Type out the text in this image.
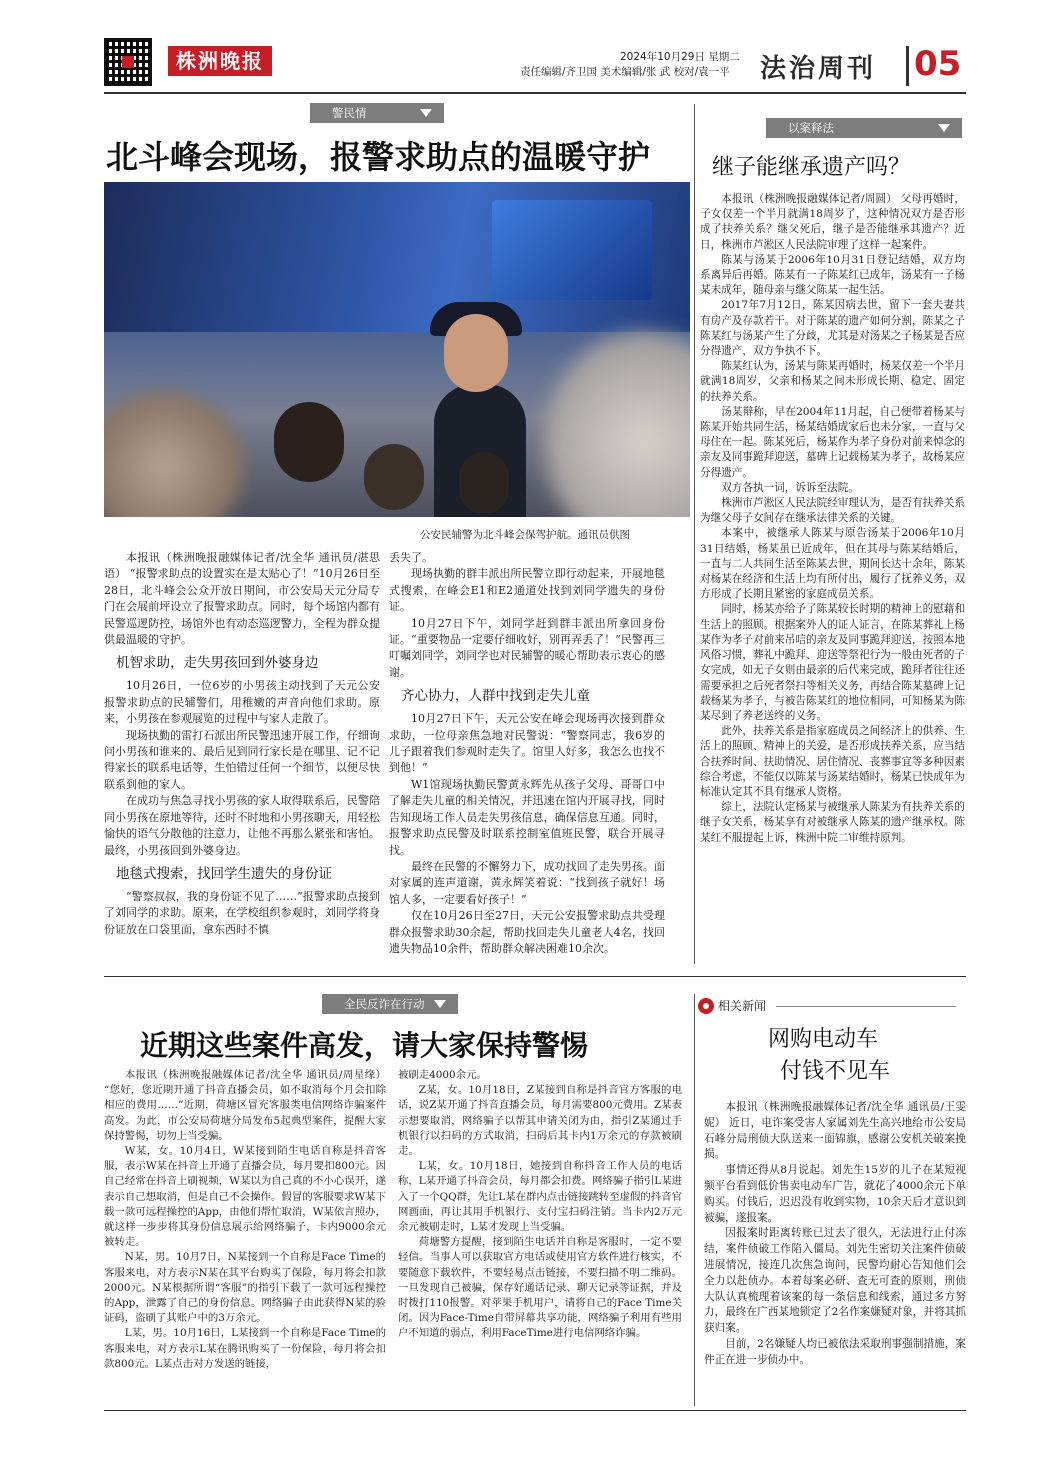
株洲晚报	2024年10月29日 星期二
责任编辑/齐卫国 美术编辑/张 武 校对/袁一平	法治周刊 05
警民情
北斗峰会现场，报警求助点的温暖守护
公安民辅警为北斗峰会保驾护航。通讯员供图

本报讯（株洲晚报融媒体记者/沈全华 通讯员/湛思语） “报警求助点的设置实在是太贴心了！”10月26日至28日，北斗峰会公众开放日期间，市公安局天元分局专门在会展前坪设立了报警求助点。同时，每个场馆内都有民警巡逻防控，场馆外也有动态巡逻警力，全程为群众提供最温暖的守护。

机智求助，走失男孩回到外婆身边

10月26日，一位6岁的小男孩主动找到了天元公安报警求助点的民辅警们，用稚嫩的声音向他们求助。原来，小男孩在参观展览的过程中与家人走散了。

现场执勤的雷打石派出所民警迅速开展工作，仔细询问小男孩和谁来的、最后见到同行家长是在哪里、记不记得家长的联系电话等，生怕错过任何一个细节，以便尽快联系到他的家人。

在成功与焦急寻找小男孩的家人取得联系后，民警陪同小男孩在原地等待，还时不时地和小男孩聊天，用轻松愉快的语气分散他的注意力，让他不再那么紧张和害怕。最终，小男孩回到外婆身边。

地毯式搜索，找回学生遗失的身份证

“警察叔叔，我的身份证不见了……”报警求助点接到了刘同学的求助。原来，在学校组织参观时，刘同学将身份证放在口袋里面，拿东西时不慎

丢失了。

现场执勤的群丰派出所民警立即行动起来，开展地毯式搜索，在峰会E1和E2通道处找到刘同学遗失的身份证。

10月27日下午，刘同学赶到群丰派出所拿回身份证。“重要物品一定要仔细收好，别再弄丢了！”民警再三叮嘱刘同学，刘同学也对民辅警的暖心帮助表示衷心的感谢。

齐心协力，人群中找到走失儿童

10月27日下午，天元公安在峰会现场再次接到群众求助，一位母亲焦急地对民警说：“警察同志，我6岁的儿子跟着我们参观时走失了。馆里人好多，我怎么也找不到他！”

W1馆现场执勤民警黄永辉先从孩子父母、哥哥口中了解走失儿童的相关情况，并迅速在馆内开展寻找，同时告知现场工作人员走失男孩信息，确保信息互通。同时，报警求助点民警及时联系控制室值班民警，联合开展寻找。

最终在民警的不懈努力下，成功找回了走失男孩。面对家属的连声道谢，黄永辉笑着说：“找到孩子就好！场馆人多，一定要看好孩子！”

仅在10月26日至27日，天元公安报警求助点共受理群众报警求助30余起，帮助找回走失儿童老人4名，找回遗失物品10余件，帮助群众解决困难10余次。

以案释法
继子能继承遗产吗？

本报讯（株洲晚报融媒体记者/周圆） 父母再婚时，子女仅差一个半月就满18周岁了，这种情况双方是否形成了扶养关系？继父死后，继子是否能继承其遗产？近日，株洲市芦淞区人民法院审理了这样一起案件。

陈某与汤某于2006年10月31日登记结婚，双方均系离异后再婚。陈某有一子陈某红已成年，汤某有一子杨某未成年，随母亲与继父陈某一起生活。

2017年7月12日，陈某因病去世，留下一套夫妻共有房产及存款若干。对于陈某的遗产如何分割，陈某之子陈某红与汤某产生了分歧，尤其是对汤某之子杨某是否应分得遗产，双方争执不下。

陈某红认为，汤某与陈某再婚时，杨某仅差一个半月就满18周岁，父亲和杨某之间未形成长期、稳定、固定的扶养关系。

汤某辩称，早在2004年11月起，自己便带着杨某与陈某开始共同生活，杨某结婚成家后也未分家，一直与父母住在一起。陈某死后，杨某作为孝子身份对前来悼念的亲友及同事跪拜迎送，墓碑上记载杨某为孝子，故杨某应分得遗产。

双方各执一词，诉诉至法院。

株洲市芦淞区人民法院经审理认为，是否有扶养关系为继父母子女间存在继承法律关系的关键。

本案中，被继承人陈某与原告汤某于2006年10月31日结婚，杨某虽已近成年，但在其母与陈某结婚后，一直与二人共同生活至陈某去世，期间长达十余年，陈某对杨某在经济和生活上均有所付出，履行了抚养义务，双方形成了长期且紧密的家庭成员关系。

同时，杨某亦给予了陈某较长时期的精神上的慰藉和生活上的照顾。根据案外人的证人证言，在陈某葬礼上杨某作为孝子对前来吊唁的亲友及同事跪拜迎送，按照本地风俗习惯，葬礼中跪拜、迎送等祭祀行为一般由死者的子女完成，如无子女则由最亲的后代来完成，跪拜者往往还需要承担之后死者祭扫等相关义务，再结合陈某墓碑上记载杨某为孝子，与被告陈某红的地位相同，可知杨某为陈某尽到了养老送终的义务。

此外，扶养关系是指家庭成员之间经济上的供养、生活上的照顾、精神上的关爱，是否形成扶养关系，应当结合扶养时间、扶助情况、居住情况、丧葬事宜等多种因素综合考虑，不能仅以陈某与汤某结婚时，杨某已快成年为标准认定其不具有继承人资格。

综上，法院认定杨某与被继承人陈某为有扶养关系的继子女关系，杨某享有对被继承人陈某的遗产继承权。陈某红不服提起上诉，株洲中院二审维持原判。

全民反诈在行动
近期这些案件高发，请大家保持警惕

本报讯（株洲晚报融媒体记者/沈全华 通讯员/周星缘） “您好，您近期开通了抖音直播会员，如不取消每个月会扣除相应的费用……”近期，荷塘区冒充客服类电信网络诈骗案件高发。为此，市公安局荷塘分局发布5起典型案件，提醒大家保持警惕，切勿上当受骗。

W某，女。10月4日，W某接到陌生电话自称是抖音客服，表示W某在抖音上开通了直播会员，每月要扣800元。因自己经常在抖音上刷视频，W某以为自己真的不小心误开，遂表示自己想取消，但是自己不会操作。假冒的客服要求W某下载一款可远程操控的App，由他们帮忙取消，W某依言照办，就这样一步步将其身份信息展示给网络骗子，卡内9000余元被转走。

N某，男。10月7日，N某接到一个自称是Face Time的客服来电，对方表示N某在其平台购买了保险，每月将会扣款2000元。N某根据所谓“客服”的指引下载了一款可远程操控的App，泄露了自己的身份信息。网络骗子由此获得N某的验证码，盗刷了其账户中的3万余元。

L某，男。10月16日，L某接到一个自称是Face Time的客服来电，对方表示L某在腾讯购买了一份保险，每月将会扣款800元。L某点击对方发送的链接，

被刷走4000余元。

Z某，女。10月18日，Z某接到自称是抖音官方客服的电话，说Z某开通了抖音直播会员，每月需要800元费用。Z某表示想要取消，网络骗子以帮其申请关闭为由，指引Z某通过手机银行以扫码的方式取消，扫码后其卡内1万余元的存款被刷走。

L某，女。10月18日，她接到自称抖音工作人员的电话称，L某开通了抖音会员，每月都会扣费。网络骗子指引L某进入了一个QQ群，先让L某在群内点击链接跳转至虚假的抖音官网画面，再让其用手机银行、支付宝扫码注销。当卡内2万元余元被刷走时，L某才发现上当受骗。

荷塘警方提醒，接到陌生电话并自称是客服时，一定不要轻信。当事人可以获取官方电话或使用官方软件进行核实，不要随意下载软件，不要轻易点击链接，不要扫描不明二维码。一旦发现自己被骗，保存好通话记录、聊天记录等证据，并及时拨打110报警。对苹果手机用户，请将自己的Face Time关闭。因为Face-Time自带屏幕共享功能，网络骗子利用有些用户不知道的弱点，利用FaceTime进行电信网络诈骗。

相关新闻
网购电动车
付钱不见车

本报讯（株洲晚报融媒体记者/沈全华 通讯员/王雯妮） 近日，电诈案受害人家属刘先生高兴地给市公安局石峰分局刑侦大队送来一面锦旗，感谢公安机关破案挽损。

事情还得从8月说起。刘先生15岁的儿子在某短视频平台看到低价售卖电动车广告，就花了4000余元下单购买。付钱后，迟迟没有收到实物，10余天后才意识到被骗，遂报案。

因报案时距离转账已过去了很久，无法进行止付冻结，案件侦破工作陷入僵局。刘先生密切关注案件侦破进展情况，接连几次焦急询问，民警均耐心告知他们会全力以赴侦办。本着每案必研、查无可查的原则，刑侦大队认真梳理着该案的每一条信息和线索，通过多方努力，最终在广西某地锁定了2名作案嫌疑对象，并将其抓获归案。

目前，2名嫌疑人均已被依法采取刑事强制措施，案件正在进一步侦办中。
